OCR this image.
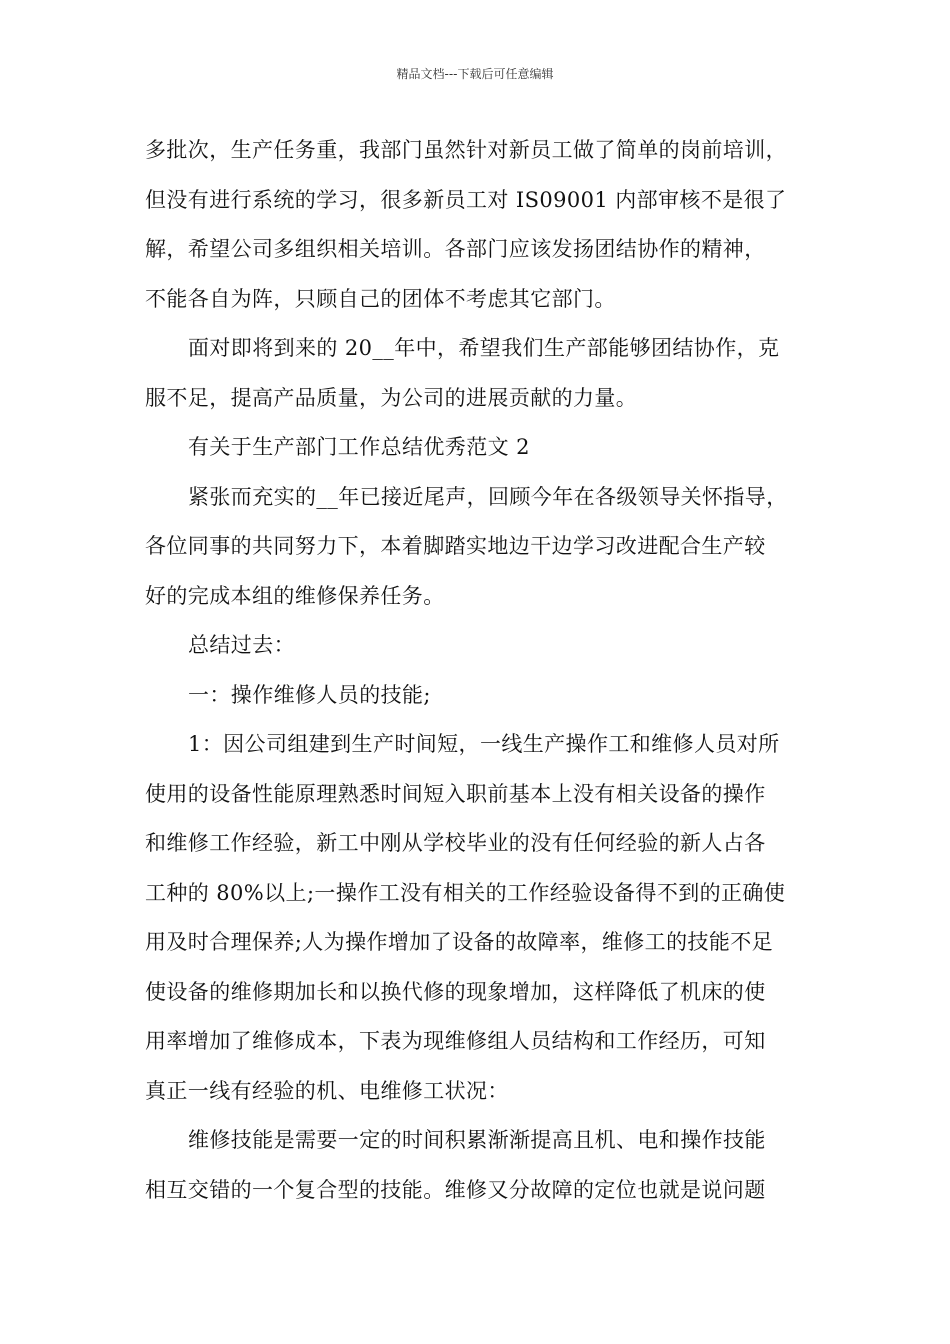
精品文档---下载后可任意编辑
多批次，生产任务重，我部门虽然针对新员工做了简单的岗前培训，
但没有进行系统的学习，很多新员工对 IS09001 内部审核不是很了
解，希望公司多组织相关培训。各部门应该发扬团结协作的精神，
不能各自为阵，只顾自己的团体不考虑其它部门。
面对即将到来的 20__年中，希望我们生产部能够团结协作，克
服不足，提高产品质量，为公司的进展贡献的力量。
有关于生产部门工作总结优秀范文 2
紧张而充实的__年已接近尾声，回顾今年在各级领导关怀指导，
各位同事的共同努力下，本着脚踏实地边干边学习改进配合生产较
好的完成本组的维修保养任务。
总结过去：
一：操作维修人员的技能;
1：因公司组建到生产时间短，一线生产操作工和维修人员对所
使用的设备性能原理熟悉时间短入职前基本上没有相关设备的操作
和维修工作经验，新工中刚从学校毕业的没有任何经验的新人占各
工种的 80%以上;一操作工没有相关的工作经验设备得不到的正确使
用及时合理保养;人为操作增加了设备的故障率，维修工的技能不足
使设备的维修期加长和以换代修的现象增加，这样降低了机床的使
用率增加了维修成本，下表为现维修组人员结构和工作经历，可知
真正一线有经验的机、电维修工状况：
维修技能是需要一定的时间积累渐渐提高且机、电和操作技能
相互交错的一个复合型的技能。维修又分故障的定位也就是说问题
